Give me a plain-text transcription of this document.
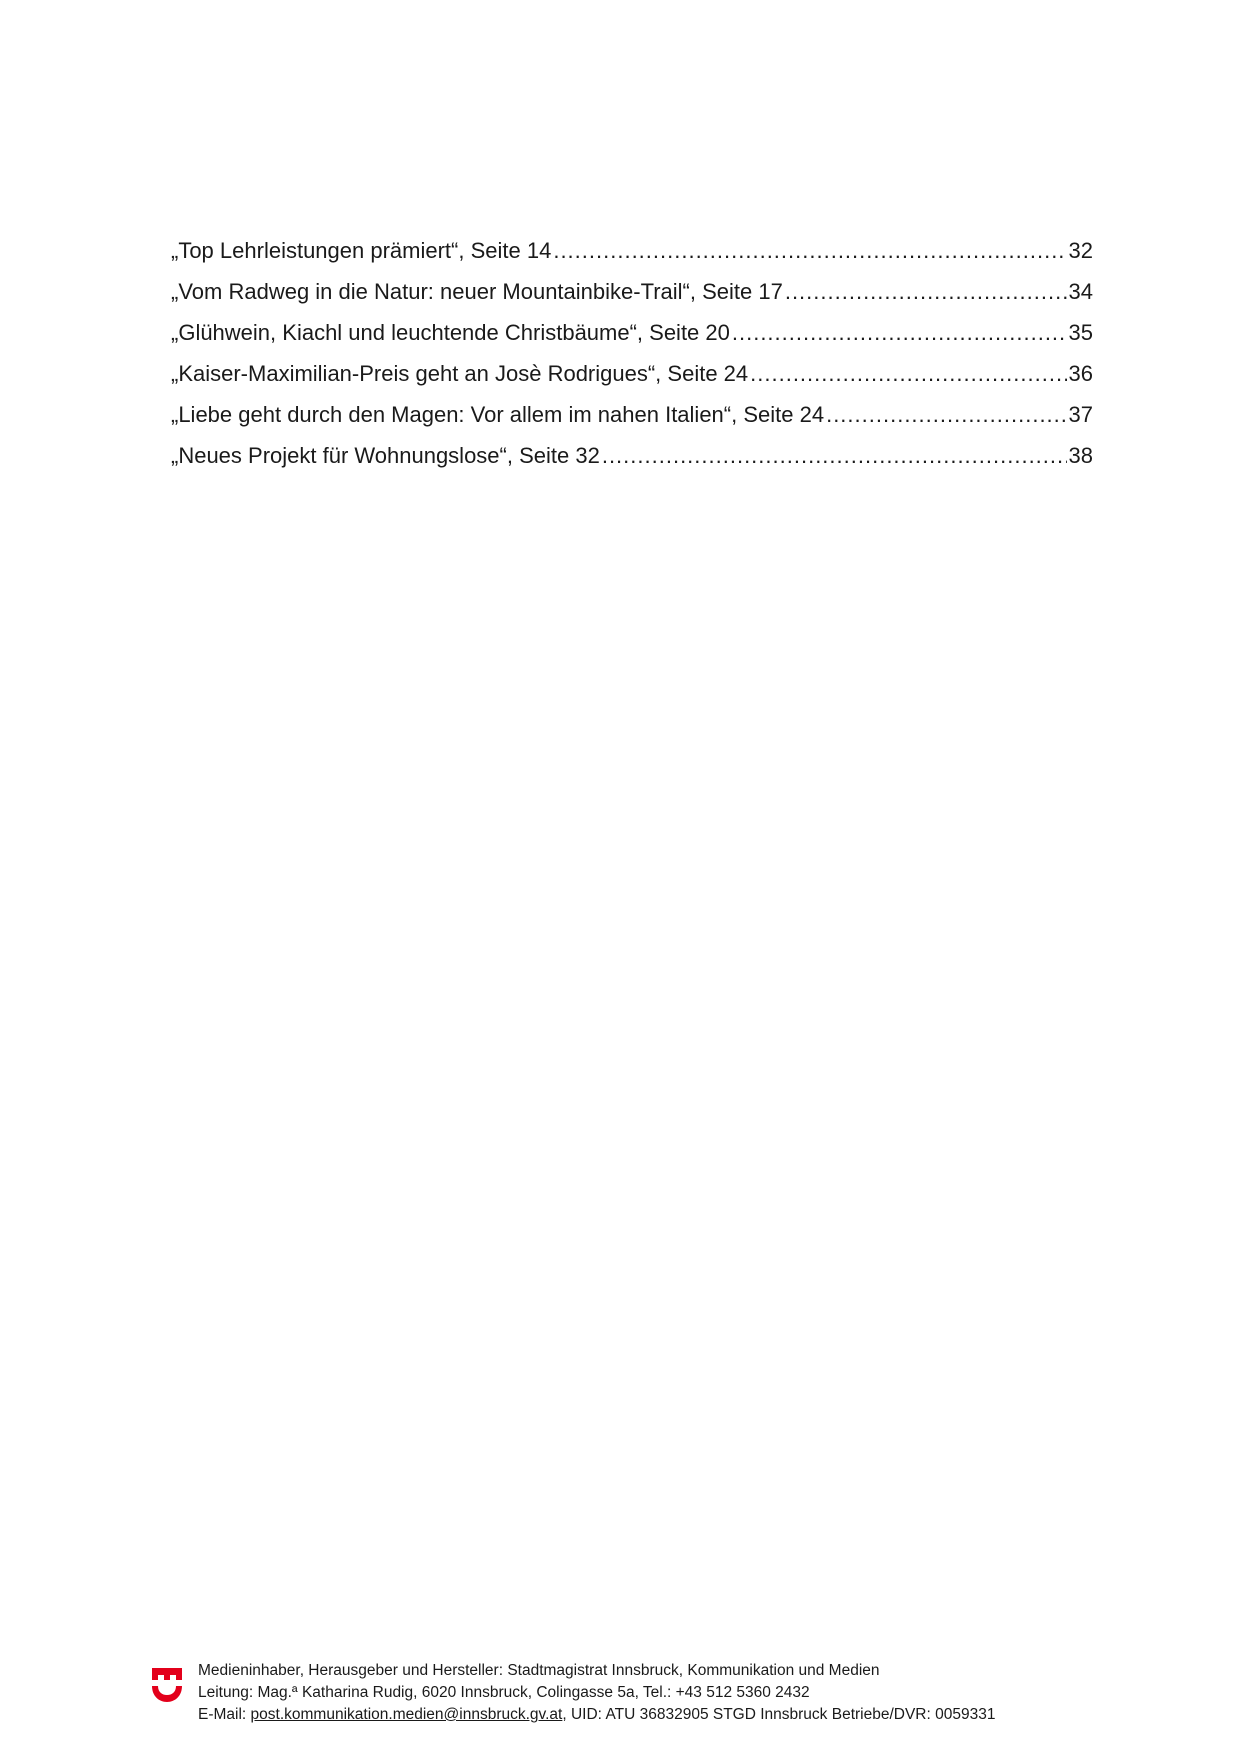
„Top Lehrleistungen prämiert“, Seite 14 .....	32
„Vom Radweg in die Natur: neuer Mountainbike-Trail“, Seite 17 .....	34
„Glühwein, Kiachl und leuchtende Christbäume“, Seite 20 .....	35
„Kaiser-Maximilian-Preis geht an Josè Rodrigues“, Seite 24 .....	36
„Liebe geht durch den Magen: Vor allem im nahen Italien“, Seite 24 .....	37
„Neues Projekt für Wohnungslose“, Seite 32 .....	38
Medieninhaber, Herausgeber und Hersteller: Stadtmagistrat Innsbruck, Kommunikation und Medien
Leitung: Mag.ª Katharina Rudig, 6020 Innsbruck, Colingasse 5a, Tel.: +43 512 5360 2432
E-Mail: post.kommunikation.medien@innsbruck.gv.at, UID: ATU 36832905 STGD Innsbruck Betriebe/DVR: 0059331
